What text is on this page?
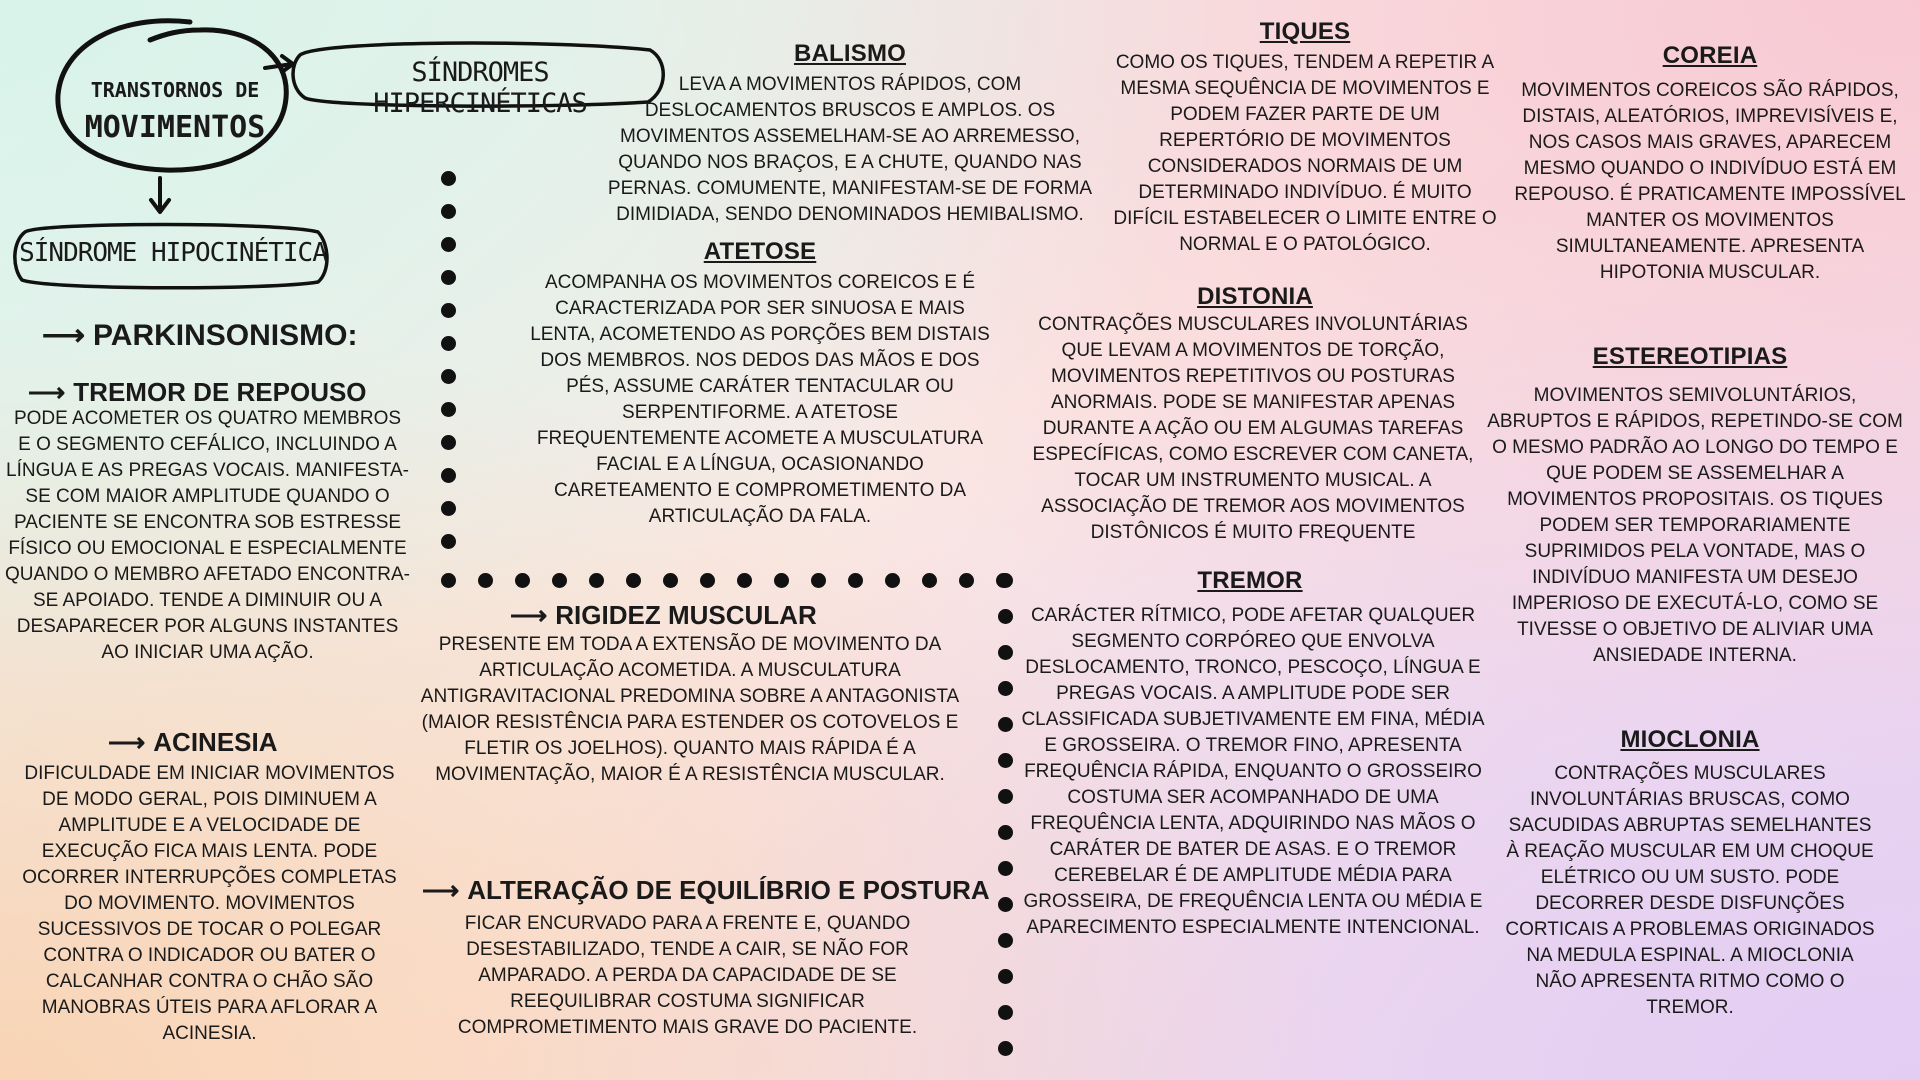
TRANSTORNOS DE
MOVIMENTOS
SÍNDROMES HIPERCINÉTICAS
SÍNDROME HIPOCINÉTICA
⟶ PARKINSONISMO:
⟶ TREMOR DE REPOUSO
PODE ACOMETER OS QUATRO MEMBROS E O SEGMENTO CEFÁLICO, INCLUINDO A LÍNGUA E AS PREGAS VOCAIS. MANIFESTA-SE COM MAIOR AMPLITUDE QUANDO O PACIENTE SE ENCONTRA SOB ESTRESSE FÍSICO OU EMOCIONAL E ESPECIALMENTE QUANDO O MEMBRO AFETADO ENCONTRA-SE APOIADO. TENDE A DIMINUIR OU A DESAPARECER POR ALGUNS INSTANTES AO INICIAR UMA AÇÃO.
⟶ ACINESIA
DIFICULDADE EM INICIAR MOVIMENTOS DE MODO GERAL, POIS DIMINUEM A AMPLITUDE E A VELOCIDADE DE EXECUÇÃO FICA MAIS LENTA. PODE OCORRER INTERRUPÇÕES COMPLETAS DO MOVIMENTO. MOVIMENTOS SUCESSIVOS DE TOCAR O POLEGAR CONTRA O INDICADOR OU BATER O CALCANHAR CONTRA O CHÃO SÃO MANOBRAS ÚTEIS PARA AFLORAR A ACINESIA.
⟶ RIGIDEZ MUSCULAR
PRESENTE EM TODA A EXTENSÃO DE MOVIMENTO DA ARTICULAÇÃO ACOMETIDA. A MUSCULATURA ANTIGRAVITACIONAL PREDOMINA SOBRE A ANTAGONISTA (MAIOR RESISTÊNCIA PARA ESTENDER OS COTOVELOS E FLETIR OS JOELHOS). QUANTO MAIS RÁPIDA É A MOVIMENTAÇÃO, MAIOR É A RESISTÊNCIA MUSCULAR.
⟶ ALTERAÇÃO DE EQUILÍBRIO E POSTURA
FICAR ENCURVADO PARA A FRENTE E, QUANDO DESESTABILIZADO, TENDE A CAIR, SE NÃO FOR AMPARADO. A PERDA DA CAPACIDADE DE SE REEQUILIBRAR COSTUMA SIGNIFICAR COMPROMETIMENTO MAIS GRAVE DO PACIENTE.
BALISMO
LEVA A MOVIMENTOS RÁPIDOS, COM DESLOCAMENTOS BRUSCOS E AMPLOS. OS MOVIMENTOS ASSEMELHAM-SE AO ARREMESSO, QUANDO NOS BRAÇOS, E A CHUTE, QUANDO NAS PERNAS. COMUMENTE, MANIFESTAM-SE DE FORMA DIMIDIADA, SENDO DENOMINADOS HEMIBALISMO.
ATETOSE
ACOMPANHA OS MOVIMENTOS COREICOS E É CARACTERIZADA POR SER SINUOSA E MAIS LENTA, ACOMETENDO AS PORÇÕES BEM DISTAIS DOS MEMBROS. NOS DEDOS DAS MÃOS E DOS PÉS, ASSUME CARÁTER TENTACULAR OU SERPENTIFORME. A ATETOSE FREQUENTEMENTE ACOMETE A MUSCULATURA FACIAL E A LÍNGUA, OCASIONANDO CARETEAMENTO E COMPROMETIMENTO DA ARTICULAÇÃO DA FALA.
TIQUES
COMO OS TIQUES, TENDEM A REPETIR A MESMA SEQUÊNCIA DE MOVIMENTOS E PODEM FAZER PARTE DE UM REPERTÓRIO DE MOVIMENTOS CONSIDERADOS NORMAIS DE UM DETERMINADO INDIVÍDUO. É MUITO DIFÍCIL ESTABELECER O LIMITE ENTRE O NORMAL E O PATOLÓGICO.
DISTONIA
CONTRAÇÕES MUSCULARES INVOLUNTÁRIAS QUE LEVAM A MOVIMENTOS DE TORÇÃO, MOVIMENTOS REPETITIVOS OU POSTURAS ANORMAIS. PODE SE MANIFESTAR APENAS DURANTE A AÇÃO OU EM ALGUMAS TAREFAS ESPECÍFICAS, COMO ESCREVER COM CANETA, TOCAR UM INSTRUMENTO MUSICAL. A ASSOCIAÇÃO DE TREMOR AOS MOVIMENTOS DISTÔNICOS É MUITO FREQUENTE
TREMOR
CARÁCTER RÍTMICO, PODE AFETAR QUALQUER SEGMENTO CORPÓREO QUE ENVOLVA DESLOCAMENTO, TRONCO, PESCOÇO, LÍNGUA E PREGAS VOCAIS. A AMPLITUDE PODE SER CLASSIFICADA SUBJETIVAMENTE EM FINA, MÉDIA E GROSSEIRA. O TREMOR FINO, APRESENTA FREQUÊNCIA RÁPIDA, ENQUANTO O GROSSEIRO COSTUMA SER ACOMPANHADO DE UMA FREQUÊNCIA LENTA, ADQUIRINDO NAS MÃOS O CARÁTER DE BATER DE ASAS. E O TREMOR CEREBELAR É DE AMPLITUDE MÉDIA PARA GROSSEIRA, DE FREQUÊNCIA LENTA OU MÉDIA E APARECIMENTO ESPECIALMENTE INTENCIONAL.
COREIA
MOVIMENTOS COREICOS SÃO RÁPIDOS, DISTAIS, ALEATÓRIOS, IMPREVISÍVEIS E, NOS CASOS MAIS GRAVES, APARECEM MESMO QUANDO O INDIVÍDUO ESTÁ EM REPOUSO. É PRATICAMENTE IMPOSSÍVEL MANTER OS MOVIMENTOS SIMULTANEAMENTE. APRESENTA HIPOTONIA MUSCULAR.
ESTEREOTIPIAS
MOVIMENTOS SEMIVOLUNTÁRIOS, ABRUPTOS E RÁPIDOS, REPETINDO-SE COM O MESMO PADRÃO AO LONGO DO TEMPO E QUE PODEM SE ASSEMELHAR A MOVIMENTOS PROPOSITAIS. OS TIQUES PODEM SER TEMPORARIAMENTE SUPRIMIDOS PELA VONTADE, MAS O INDIVÍDUO MANIFESTA UM DESEJO IMPERIOSO DE EXECUTÁ-LO, COMO SE TIVESSE O OBJETIVO DE ALIVIAR UMA ANSIEDADE INTERNA.
MIOCLONIA
CONTRAÇÕES MUSCULARES INVOLUNTÁRIAS BRUSCAS, COMO SACUDIDAS ABRUPTAS SEMELHANTES À REAÇÃO MUSCULAR EM UM CHOQUE ELÉTRICO OU UM SUSTO. PODE DECORRER DESDE DISFUNÇÕES CORTICAIS A PROBLEMAS ORIGINADOS NA MEDULA ESPINAL. A MIOCLONIA NÃO APRESENTA RITMO COMO O TREMOR.
